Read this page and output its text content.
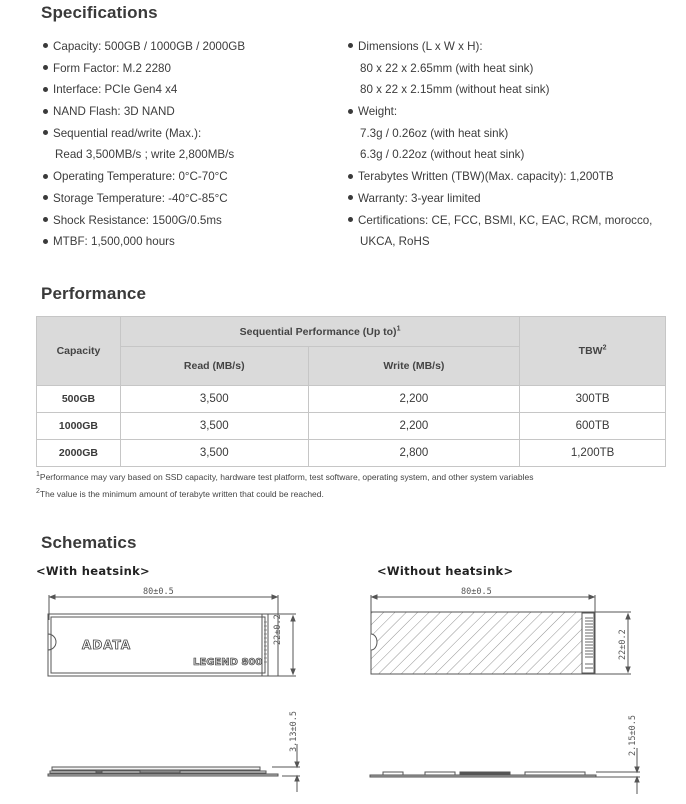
Specifications
Capacity: 500GB / 1000GB / 2000GB
Form Factor: M.2 2280
Interface: PCIe Gen4 x4
NAND Flash: 3D NAND
Sequential read/write (Max.):
Read 3,500MB/s ; write 2,800MB/s
Operating Temperature: 0°C-70°C
Storage Temperature: -40°C-85°C
Shock Resistance: 1500G/0.5ms
MTBF: 1,500,000 hours
Dimensions (L x W x H):
80 x 22 x 2.65mm (with heat sink)
80 x 22 x 2.15mm (without heat sink)
Weight:
7.3g / 0.26oz (with heat sink)
6.3g / 0.22oz (without heat sink)
Terabytes Written (TBW)(Max. capacity): 1,200TB
Warranty: 3-year limited
Certifications: CE, FCC, BSMI, KC, EAC, RCM, morocco,
UKCA, RoHS
Performance
Capacity	Sequential Performance (Up to)$^1$		TBW$^2$
	Read (MB/s)	Write (MB/s)	
500GB	3,500	2,200	300TB
1000GB	3,500	2,200	600TB
2000GB	3,500	2,800	1,200TB
$^1$Performance may vary based on SSD capacity, hardware test platform, test software, operating system, and other system variables
$^2$The value is the minimum amount of terabyte written that could be reached.
Schematics
<With heatsink>	<Without heatsink>
80±0.5
22±0.2
ADATA
LEGEND 800
80±0.5
22±0.2
3.13±0.5	2.15±0.5
